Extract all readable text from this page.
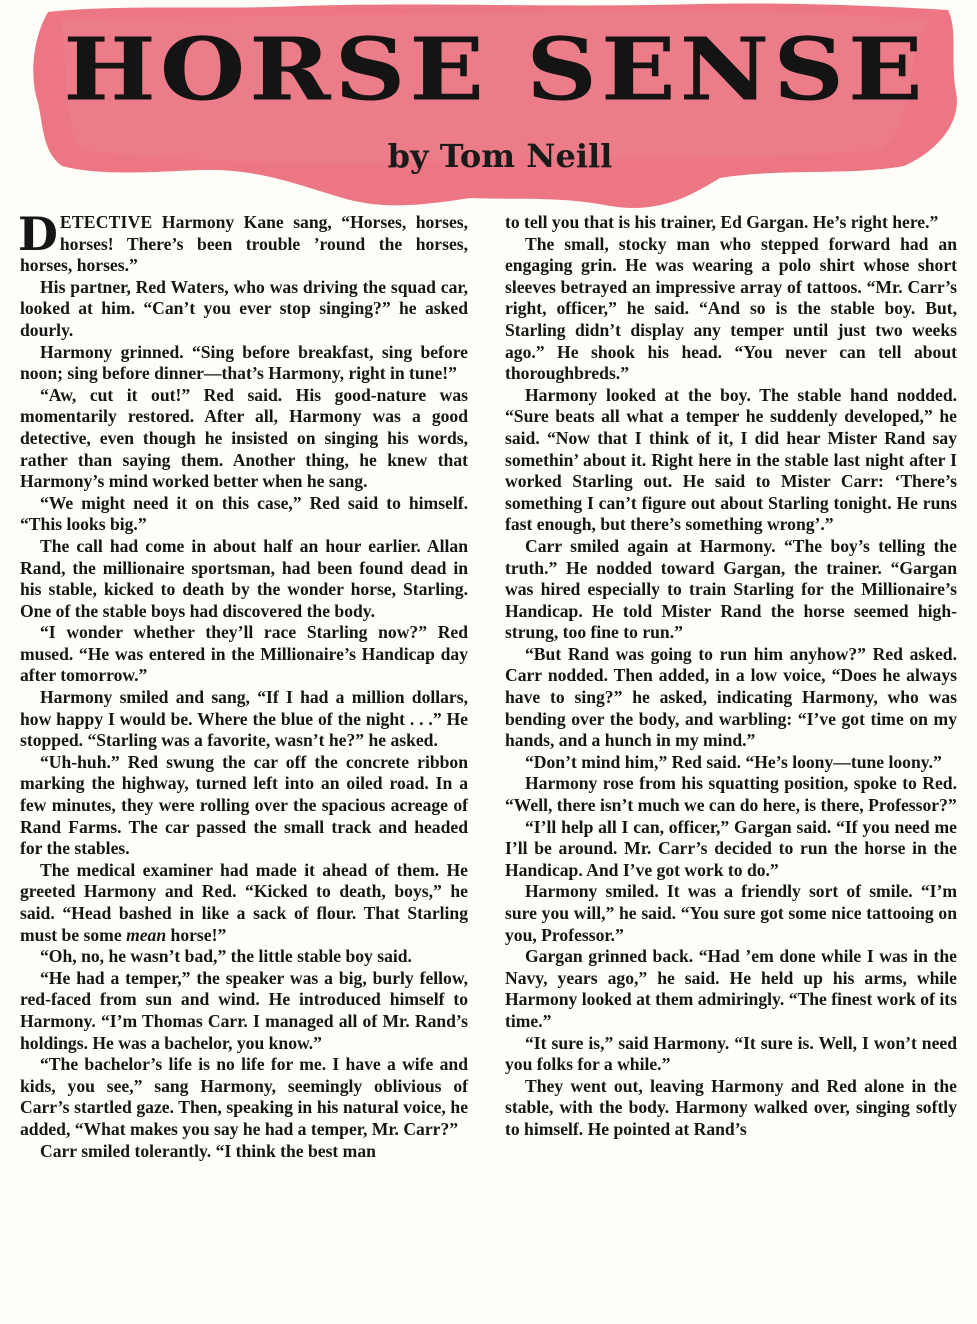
HORSE SENSE
by Tom Neill

DETECTIVE Harmony Kane sang, “Horses, horses, horses! There’s been trouble ’round the horses, horses, horses.”

His partner, Red Waters, who was driving the squad car, looked at him. “Can’t you ever stop singing?” he asked dourly.

Harmony grinned. “Sing before breakfast, sing before noon; sing before dinner—that’s Harmony, right in tune!”

“Aw, cut it out!” Red said. His good-nature was momentarily restored. After all, Harmony was a good detective, even though he insisted on singing his words, rather than saying them. Another thing, he knew that Harmony’s mind worked better when he sang.

“We might need it on this case,” Red said to himself. “This looks big.”

The call had come in about half an hour earlier. Allan Rand, the millionaire sportsman, had been found dead in his stable, kicked to death by the wonder horse, Starling. One of the stable boys had discovered the body.

“I wonder whether they’ll race Starling now?” Red mused. “He was entered in the Millionaire’s Handicap day after tomorrow.”

Harmony smiled and sang, “If I had a million dollars, how happy I would be. Where the blue of the night . . .” He stopped. “Starling was a favorite, wasn’t he?” he asked.

“Uh-huh.” Red swung the car off the concrete ribbon marking the highway, turned left into an oiled road. In a few minutes, they were rolling over the spacious acreage of Rand Farms. The car passed the small track and headed for the stables.

The medical examiner had made it ahead of them. He greeted Harmony and Red. “Kicked to death, boys,” he said. “Head bashed in like a sack of flour. That Starling must be some mean horse!”

“Oh, no, he wasn’t bad,” the little stable boy said.

“He had a temper,” the speaker was a big, burly fellow, red-faced from sun and wind. He introduced himself to Harmony. “I’m Thomas Carr. I managed all of Mr. Rand’s holdings. He was a bachelor, you know.”

“The bachelor’s life is no life for me. I have a wife and kids, you see,” sang Harmony, seemingly oblivious of Carr’s startled gaze. Then, speaking in his natural voice, he added, “What makes you say he had a temper, Mr. Carr?”

Carr smiled tolerantly. “I think the best man

to tell you that is his trainer, Ed Gargan. He’s right here.”

The small, stocky man who stepped forward had an engaging grin. He was wearing a polo shirt whose short sleeves betrayed an impressive array of tattoos. “Mr. Carr’s right, officer,” he said. “And so is the stable boy. But, Starling didn’t display any temper until just two weeks ago.” He shook his head. “You never can tell about thoroughbreds.”

Harmony looked at the boy. The stable hand nodded. “Sure beats all what a temper he suddenly developed,” he said. “Now that I think of it, I did hear Mister Rand say somethin’ about it. Right here in the stable last night after I worked Starling out. He said to Mister Carr: ‘There’s something I can’t figure out about Starling tonight. He runs fast enough, but there’s something wrong’.”

Carr smiled again at Harmony. “The boy’s telling the truth.” He nodded toward Gargan, the trainer. “Gargan was hired especially to train Starling for the Millionaire’s Handicap. He told Mister Rand the horse seemed high-strung, too fine to run.”

“But Rand was going to run him anyhow?” Red asked. Carr nodded. Then added, in a low voice, “Does he always have to sing?” he asked, indicating Harmony, who was bending over the body, and warbling: “I’ve got time on my hands, and a hunch in my mind.”

“Don’t mind him,” Red said. “He’s loony—tune loony.”

Harmony rose from his squatting position, spoke to Red. “Well, there isn’t much we can do here, is there, Professor?”

“I’ll help all I can, officer,” Gargan said. “If you need me I’ll be around. Mr. Carr’s decided to run the horse in the Handicap. And I’ve got work to do.”

Harmony smiled. It was a friendly sort of smile. “I’m sure you will,” he said. “You sure got some nice tattooing on you, Professor.”

Gargan grinned back. “Had ’em done while I was in the Navy, years ago,” he said. He held up his arms, while Harmony looked at them admiringly. “The finest work of its time.”

“It sure is,” said Harmony. “It sure is. Well, I won’t need you folks for a while.”

They went out, leaving Harmony and Red alone in the stable, with the body. Harmony walked over, singing softly to himself. He pointed at Rand’s
